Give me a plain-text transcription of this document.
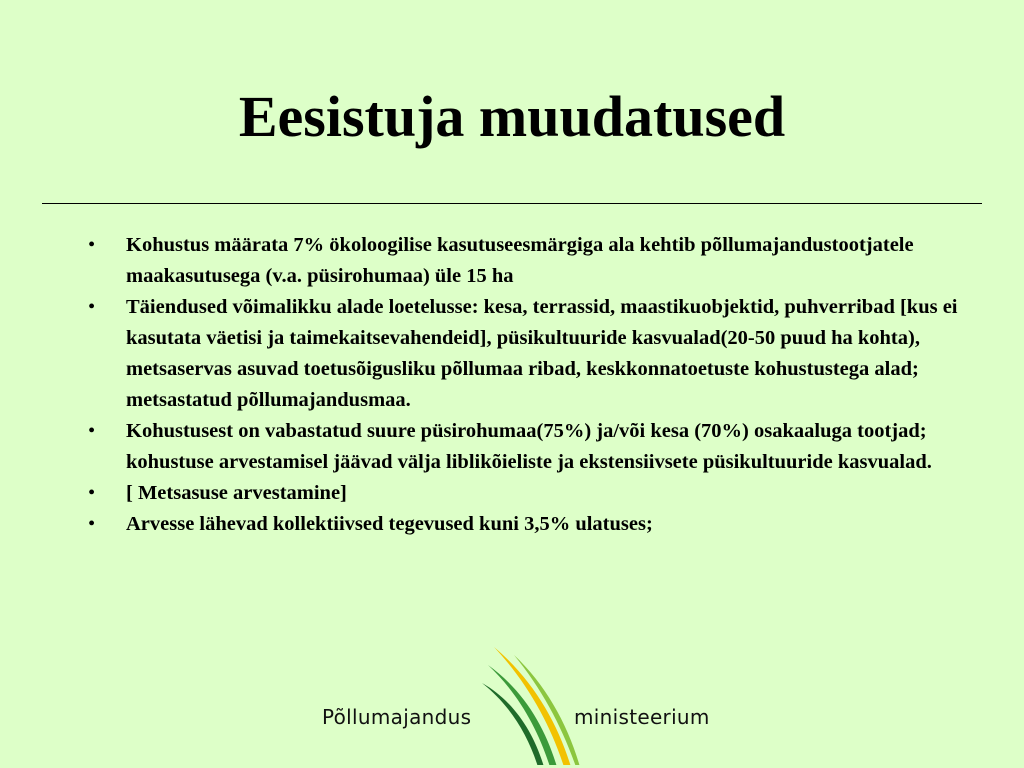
Eesistuja muudatused
• Kohustus määrata 7% ökoloogilise kasutuseesmärgiga ala kehtib põllumajandustootjatele maakasutusega (v.a. püsirohumaa) üle 15 ha
• Täiendused võimalikku alade loetelusse: kesa, terrassid, maastikuobjektid, puhverribad [kus ei kasutata väetisi ja taimekaitsevahendeid], püsikultuuride kasvualad(20-50 puud ha kohta), metsaservas asuvad toetusõigusliku põllumaa ribad, keskkonnatoetuste kohustustega alad; metsastatud põllumajandusmaa.
• Kohustusest on vabastatud suure püsirohumaa(75%) ja/või kesa (70%) osakaaluga tootjad; kohustuse arvestamisel jäävad välja liblikõieliste ja ekstensiivsete püsikultuuride kasvualad.
• [ Metsasuse arvestamine]
• Arvesse lähevad kollektiivsed tegevused kuni 3,5% ulatuses;
Põllumajandus	ministeerium
